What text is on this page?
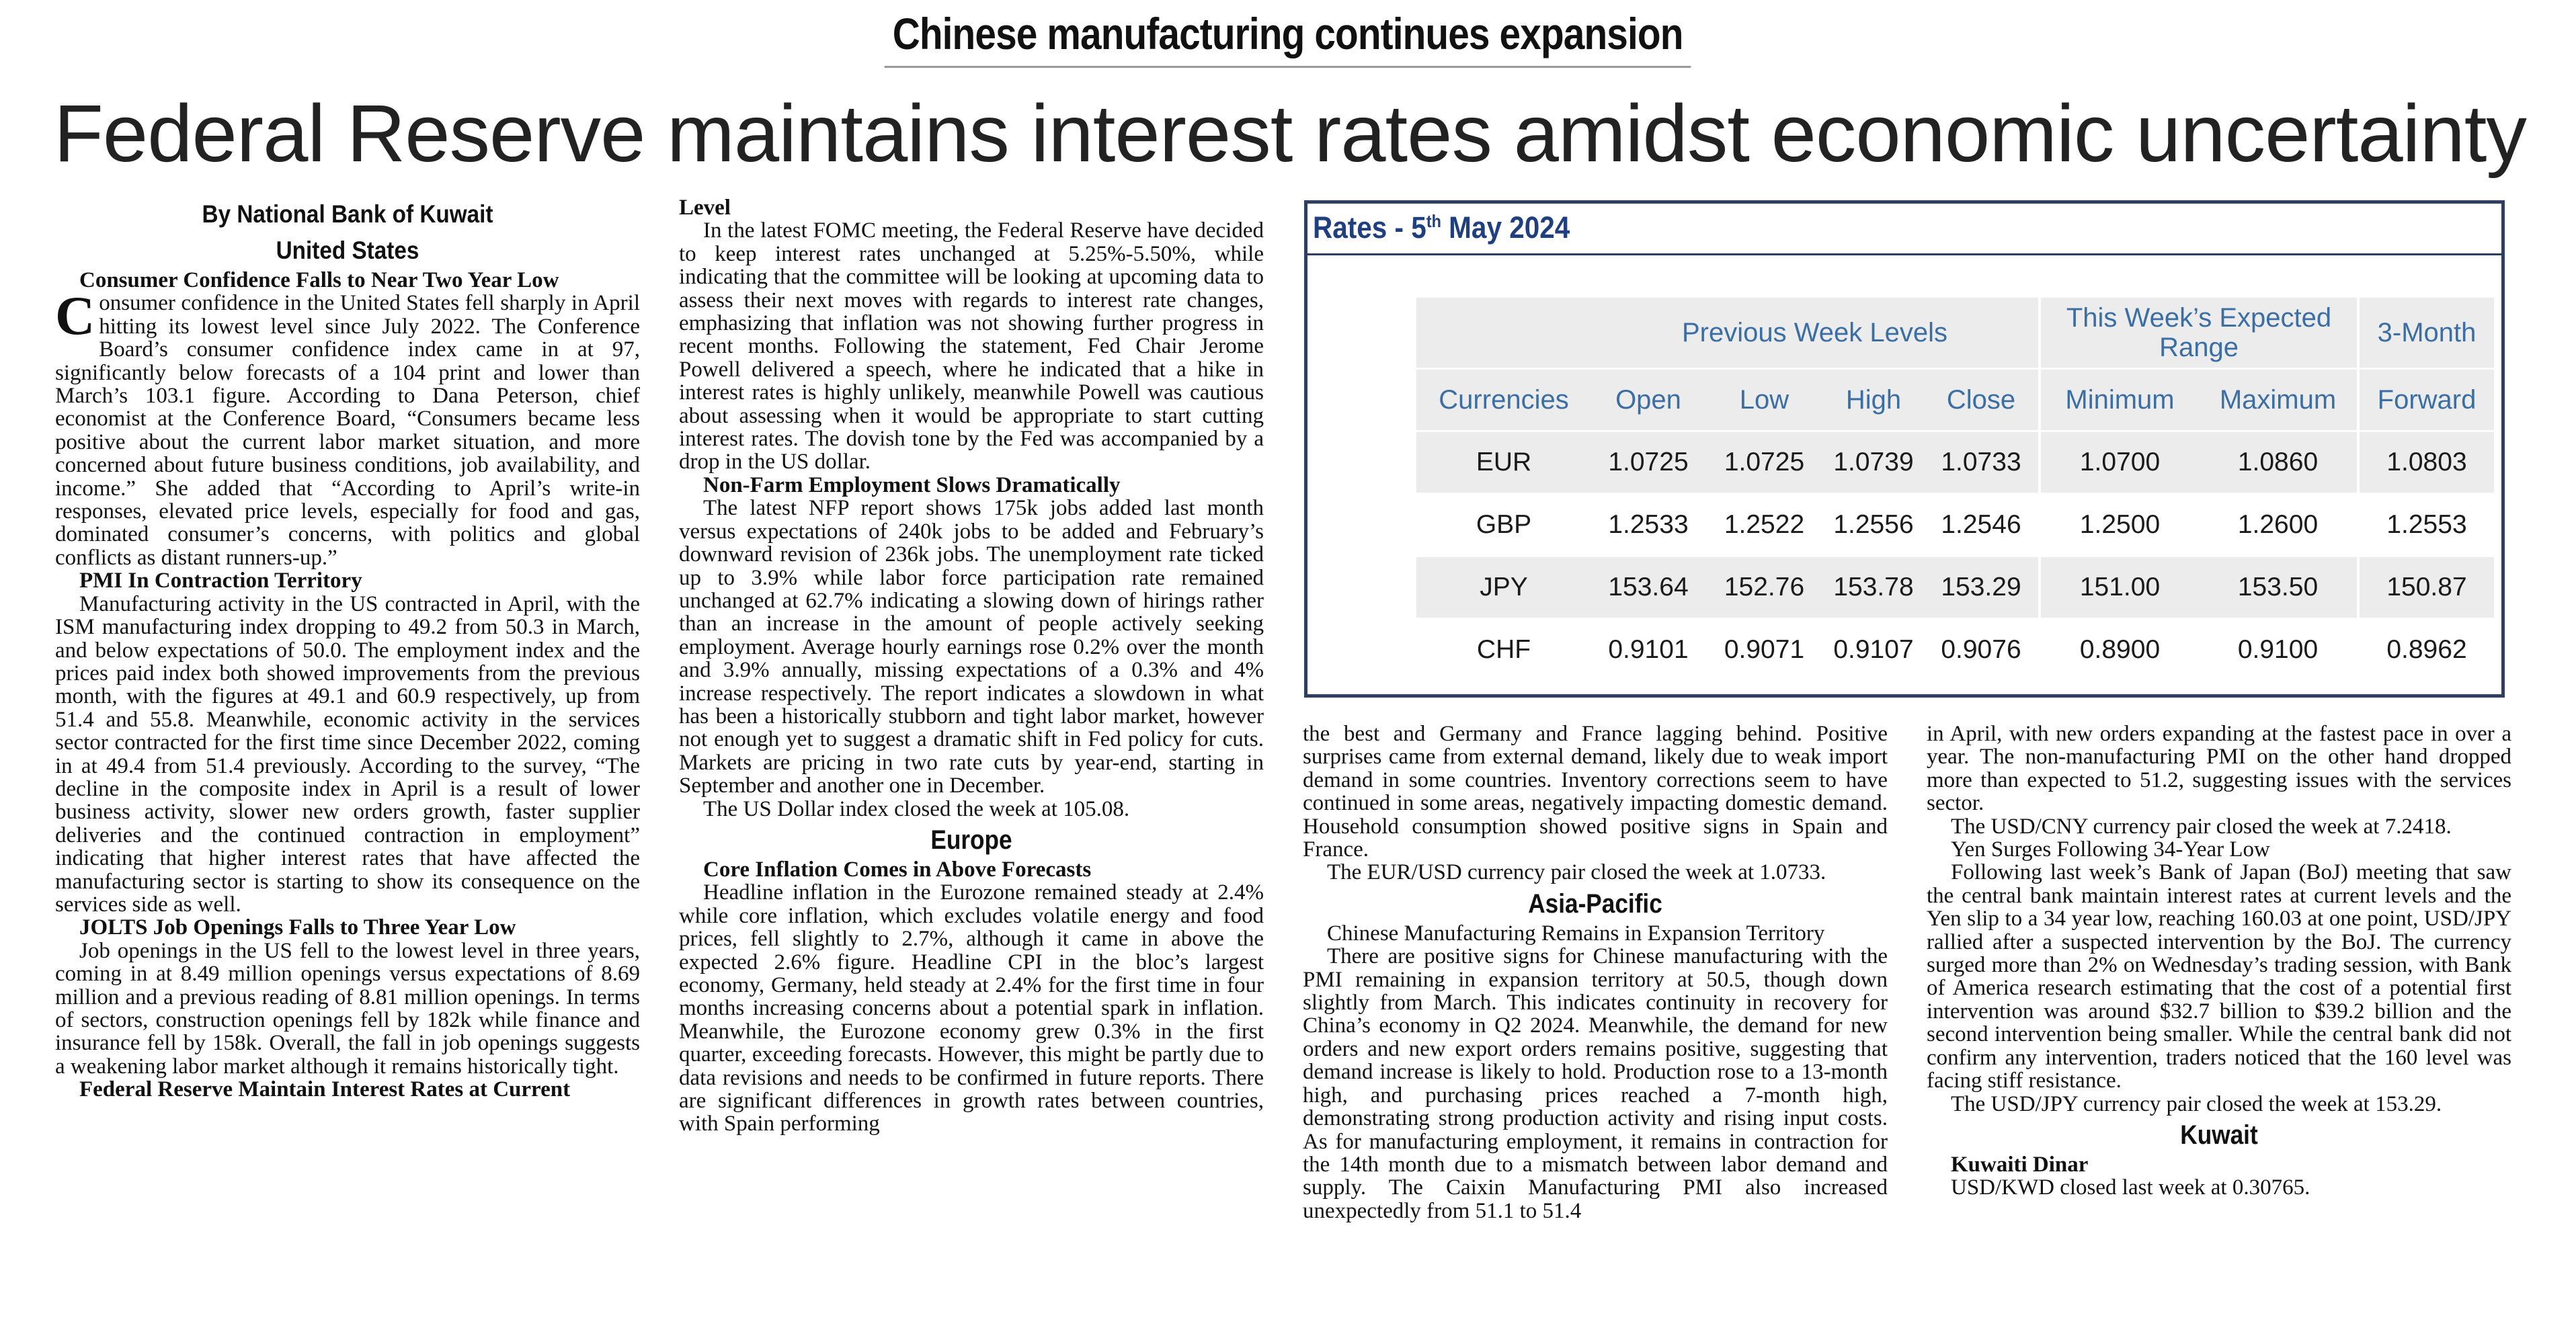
Chinese manufacturing continues expansion
Federal Reserve maintains interest rates amidst economic uncertainty
By National Bank of Kuwait
United States
Consumer Confidence Falls to Near Two Year Low

Consumer confidence in the United States fell sharply in April hitting its lowest level since July 2022. The Conference Board’s consumer confidence index came in at 97, significantly below forecasts of a 104 print and lower than March’s 103.1 figure. According to Dana Peterson, chief economist at the Conference Board, “Consumers became less positive about the current labor market situation, and more concerned about future business conditions, job availability, and income.” She added that “According to April’s write-in responses, elevated price levels, especially for food and gas, dominated consumer’s concerns, with politics and global conflicts as distant runners-up.”

PMI In Contraction Territory

Manufacturing activity in the US contracted in April, with the ISM manufacturing index dropping to 49.2 from 50.3 in March, and below expectations of 50.0. The employment index and the prices paid index both showed improvements from the previous month, with the figures at 49.1 and 60.9 respectively, up from 51.4 and 55.8. Meanwhile, economic activity in the services sector contracted for the first time since December 2022, coming in at 49.4 from 51.4 previously. According to the survey, “The decline in the composite index in April is a result of lower business activity, slower new orders growth, faster supplier deliveries and the continued contraction in employment” indicating that higher interest rates that have affected the manufacturing sector is starting to show its consequence on the services side as well.

JOLTS Job Openings Falls to Three Year Low

Job openings in the US fell to the lowest level in three years, coming in at 8.49 million openings versus expectations of 8.69 million and a previous reading of 8.81 million openings. In terms of sectors, construction openings fell by 182k while finance and insurance fell by 158k. Overall, the fall in job openings suggests a weakening labor market although it remains historically tight.

Federal Reserve Maintain Interest Rates at Current
Level

In the latest FOMC meeting, the Federal Reserve have decided to keep interest rates unchanged at 5.25%-5.50%, while indicating that the committee will be looking at upcoming data to assess their next moves with regards to interest rate changes, emphasizing that inflation was not showing further progress in recent months. Following the statement, Fed Chair Jerome Powell delivered a speech, where he indicated that a hike in interest rates is highly unlikely, meanwhile Powell was cautious about assessing when it would be appropriate to start cutting interest rates. The dovish tone by the Fed was accompanied by a drop in the US dollar.

Non-Farm Employment Slows Dramatically

The latest NFP report shows 175k jobs added last month versus expectations of 240k jobs to be added and February’s downward revision of 236k jobs. The unemployment rate ticked up to 3.9% while labor force participation rate remained unchanged at 62.7% indicating a slowing down of hirings rather than an increase in the amount of people actively seeking employment. Average hourly earnings rose 0.2% over the month and 3.9% annually, missing expectations of a 0.3% and 4% increase respectively. The report indicates a slowdown in what has been a historically stubborn and tight labor market, however not enough yet to suggest a dramatic shift in Fed policy for cuts. Markets are pricing in two rate cuts by year-end, starting in September and another one in December.

The US Dollar index closed the week at 105.08.

Europe
Core Inflation Comes in Above Forecasts

Headline inflation in the Eurozone remained steady at 2.4% while core inflation, which excludes volatile energy and food prices, fell slightly to 2.7%, although it came in above the expected 2.6% figure. Headline CPI in the bloc’s largest economy, Germany, held steady at 2.4% for the first time in four months increasing concerns about a potential spark in inflation. Meanwhile, the Eurozone economy grew 0.3% in the first quarter, exceeding forecasts. However, this might be partly due to data revisions and needs to be confirmed in future reports. There are significant differences in growth rates between countries, with Spain performing

Rates - 5th May 2024
	Previous Week Levels				This Week’s Expected Range		3-Month
Currencies	Open	Low	High	Close	Minimum	Maximum	Forward
EUR	1.0725	1.0725	1.0739	1.0733	1.0700	1.0860	1.0803
GBP	1.2533	1.2522	1.2556	1.2546	1.2500	1.2600	1.2553
JPY	153.64	152.76	153.78	153.29	151.00	153.50	150.87
CHF	0.9101	0.9071	0.9107	0.9076	0.8900	0.9100	0.8962

the best and Germany and France lagging behind. Positive surprises came from external demand, likely due to weak import demand in some countries. Inventory corrections seem to have continued in some areas, negatively impacting domestic demand. Household consumption showed positive signs in Spain and France.

The EUR/USD currency pair closed the week at 1.0733.

Asia-Pacific

Chinese Manufacturing Remains in Expansion Territory

There are positive signs for Chinese manufacturing with the PMI remaining in expansion territory at 50.5, though down slightly from March. This indicates continuity in recovery for China’s economy in Q2 2024. Meanwhile, the demand for new orders and new export orders remains positive, suggesting that demand increase is likely to hold. Production rose to a 13-month high, and purchasing prices reached a 7-month high, demonstrating strong production activity and rising input costs. As for manufacturing employment, it remains in contraction for the 14th month due to a mismatch between labor demand and supply. The Caixin Manufacturing PMI also increased unexpectedly from 51.1 to 51.4

in April, with new orders expanding at the fastest pace in over a year. The non-manufacturing PMI on the other hand dropped more than expected to 51.2, suggesting issues with the services sector.

The USD/CNY currency pair closed the week at 7.2418.

Yen Surges Following 34-Year Low

Following last week’s Bank of Japan (BoJ) meeting that saw the central bank maintain interest rates at current levels and the Yen slip to a 34 year low, reaching 160.03 at one point, USD/JPY rallied after a suspected intervention by the BoJ. The currency surged more than 2% on Wednesday’s trading session, with Bank of America research estimating that the cost of a potential first intervention was around $32.7 billion to $39.2 billion and the second intervention being smaller. While the central bank did not confirm any intervention, traders noticed that the 160 level was facing stiff resistance.

The USD/JPY currency pair closed the week at 153.29.

Kuwait
Kuwaiti Dinar

USD/KWD closed last week at 0.30765.
